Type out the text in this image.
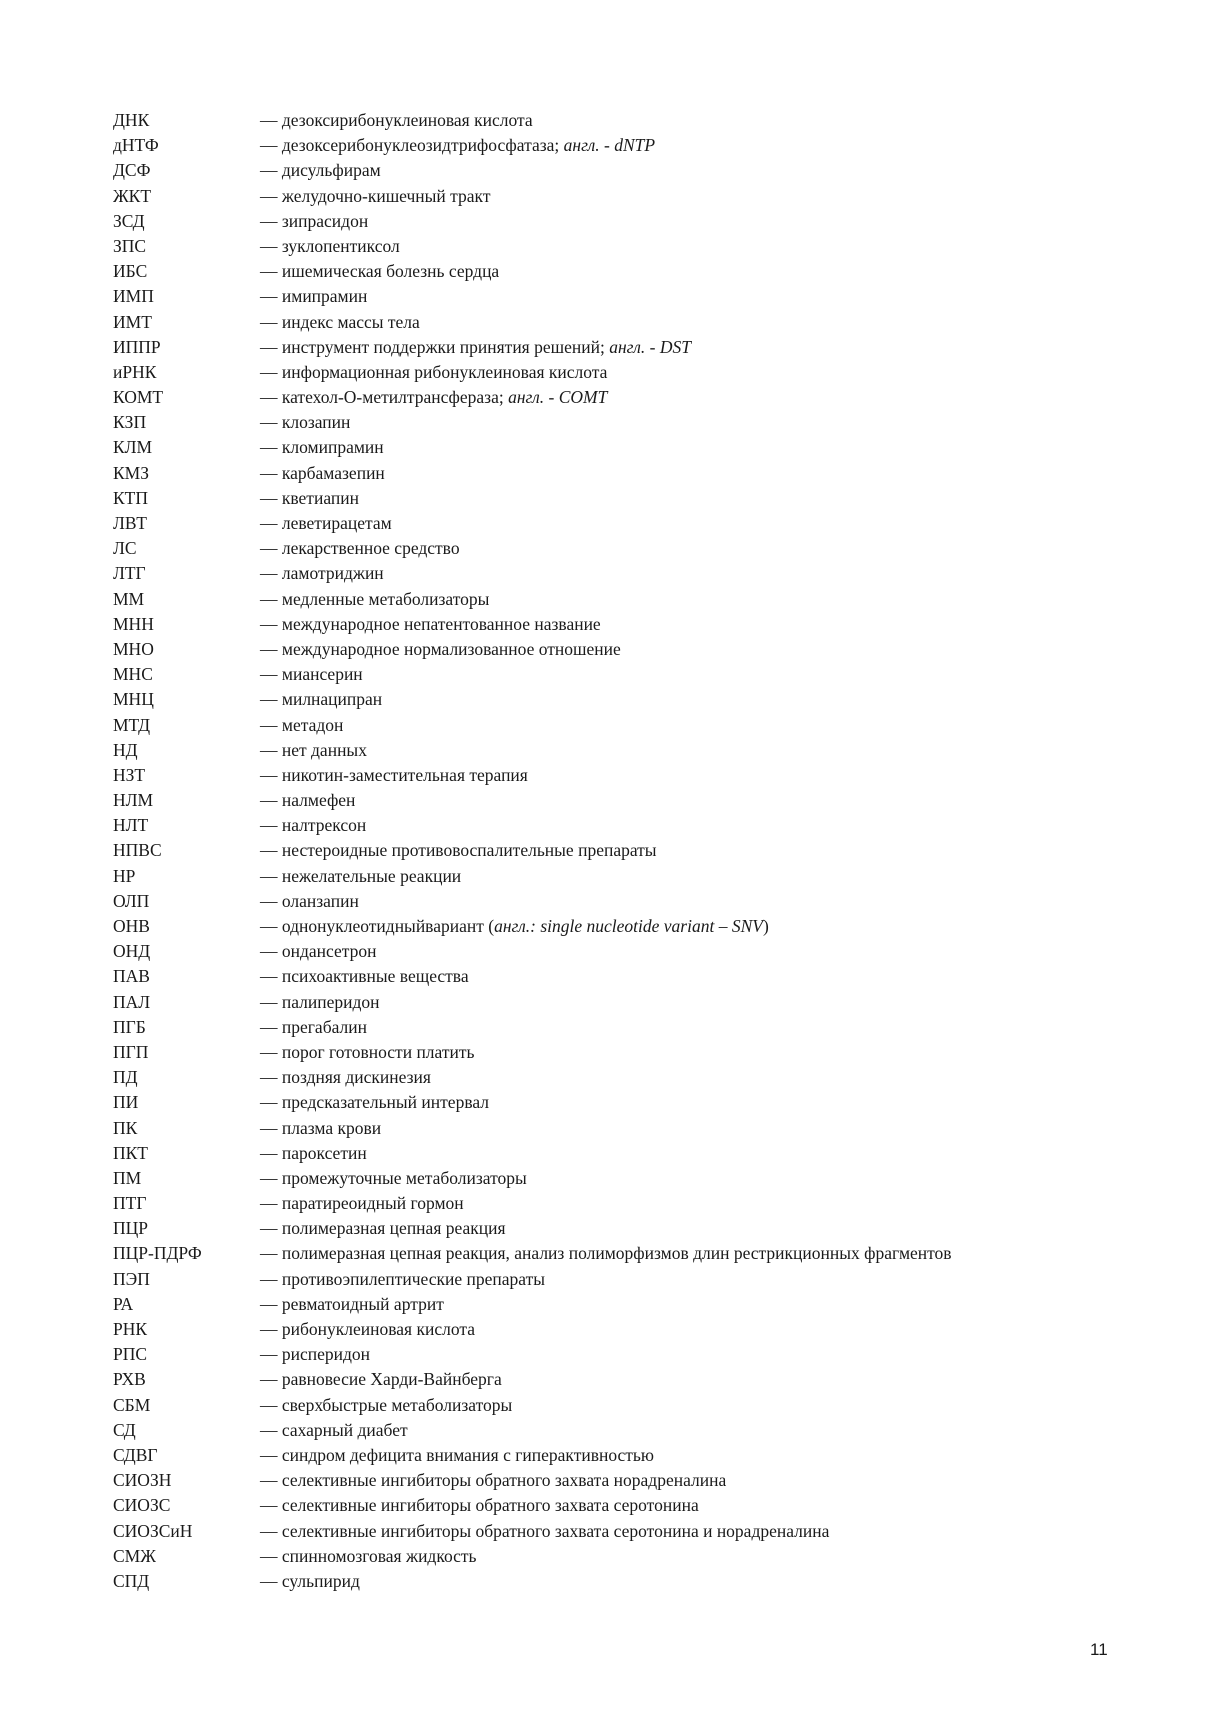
ДНК	— дезоксирибонуклеиновая кислота
дНТФ	— дезоксерибонуклеозидтрифосфатаза; англ. - dNTP
ДСФ	— дисульфирам
ЖКТ	— желудочно-кишечный тракт
ЗСД	— зипрасидон
ЗПС	— зуклопентиксол
ИБС	— ишемическая болезнь сердца
ИМП	— имипрамин
ИМТ	— индекс массы тела
ИППР	— инструмент поддержки принятия решений; англ. - DST
иРНК	— информационная рибонуклеиновая кислота
КОМТ	— катехол-О-метилтрансфераза; англ. - COMT
КЗП	— клозапин
КЛМ	— кломипрамин
КМЗ	— карбамазепин
КТП	— кветиапин
ЛВТ	— леветирацетам
ЛС	— лекарственное средство
ЛТГ	— ламотриджин
ММ	— медленные метаболизаторы
МНН	— международное непатентованное название
МНО	— международное нормализованное отношение
МНС	— миансерин
МНЦ	— милнаципран
МТД	— метадон
НД	— нет данных
НЗТ	— никотин-заместительная терапия
НЛМ	— налмефен
НЛТ	— налтрексон
НПВС	— нестероидные противовоспалительные препараты
НР	— нежелательные реакции
ОЛП	— оланзапин
ОНВ	— однонуклеотидныйвариант (англ.: single nucleotide variant – SNV)
ОНД	— ондансетрон
ПАВ	— психоактивные вещества
ПАЛ	— палиперидон
ПГБ	— прегабалин
ПГП	— порог готовности платить
ПД	— поздняя дискинезия
ПИ	— предсказательный интервал
ПК	— плазма крови
ПКТ	— пароксетин
ПМ	— промежуточные метаболизаторы
ПТГ	— паратиреоидный гормон
ПЦР	— полимеразная цепная реакция
ПЦР-ПДРФ	— полимеразная цепная реакция, анализ полиморфизмов длин рестрикционных фрагментов
ПЭП	— противоэпилептические препараты
РА	— ревматоидный артрит
РНК	— рибонуклеиновая кислота
РПС	— рисперидон
РХВ	— равновесие Харди-Вайнберга
СБМ	— сверхбыстрые метаболизаторы
СД	— сахарный диабет
СДВГ	— синдром дефицита внимания с гиперактивностью
СИОЗН	— селективные ингибиторы обратного захвата норадреналина
СИОЗС	— селективные ингибиторы обратного захвата серотонина
СИОЗСиН	— селективные ингибиторы обратного захвата серотонина и норадреналина
СМЖ	— спинномозговая жидкость
СПД	— сульпирид
11
